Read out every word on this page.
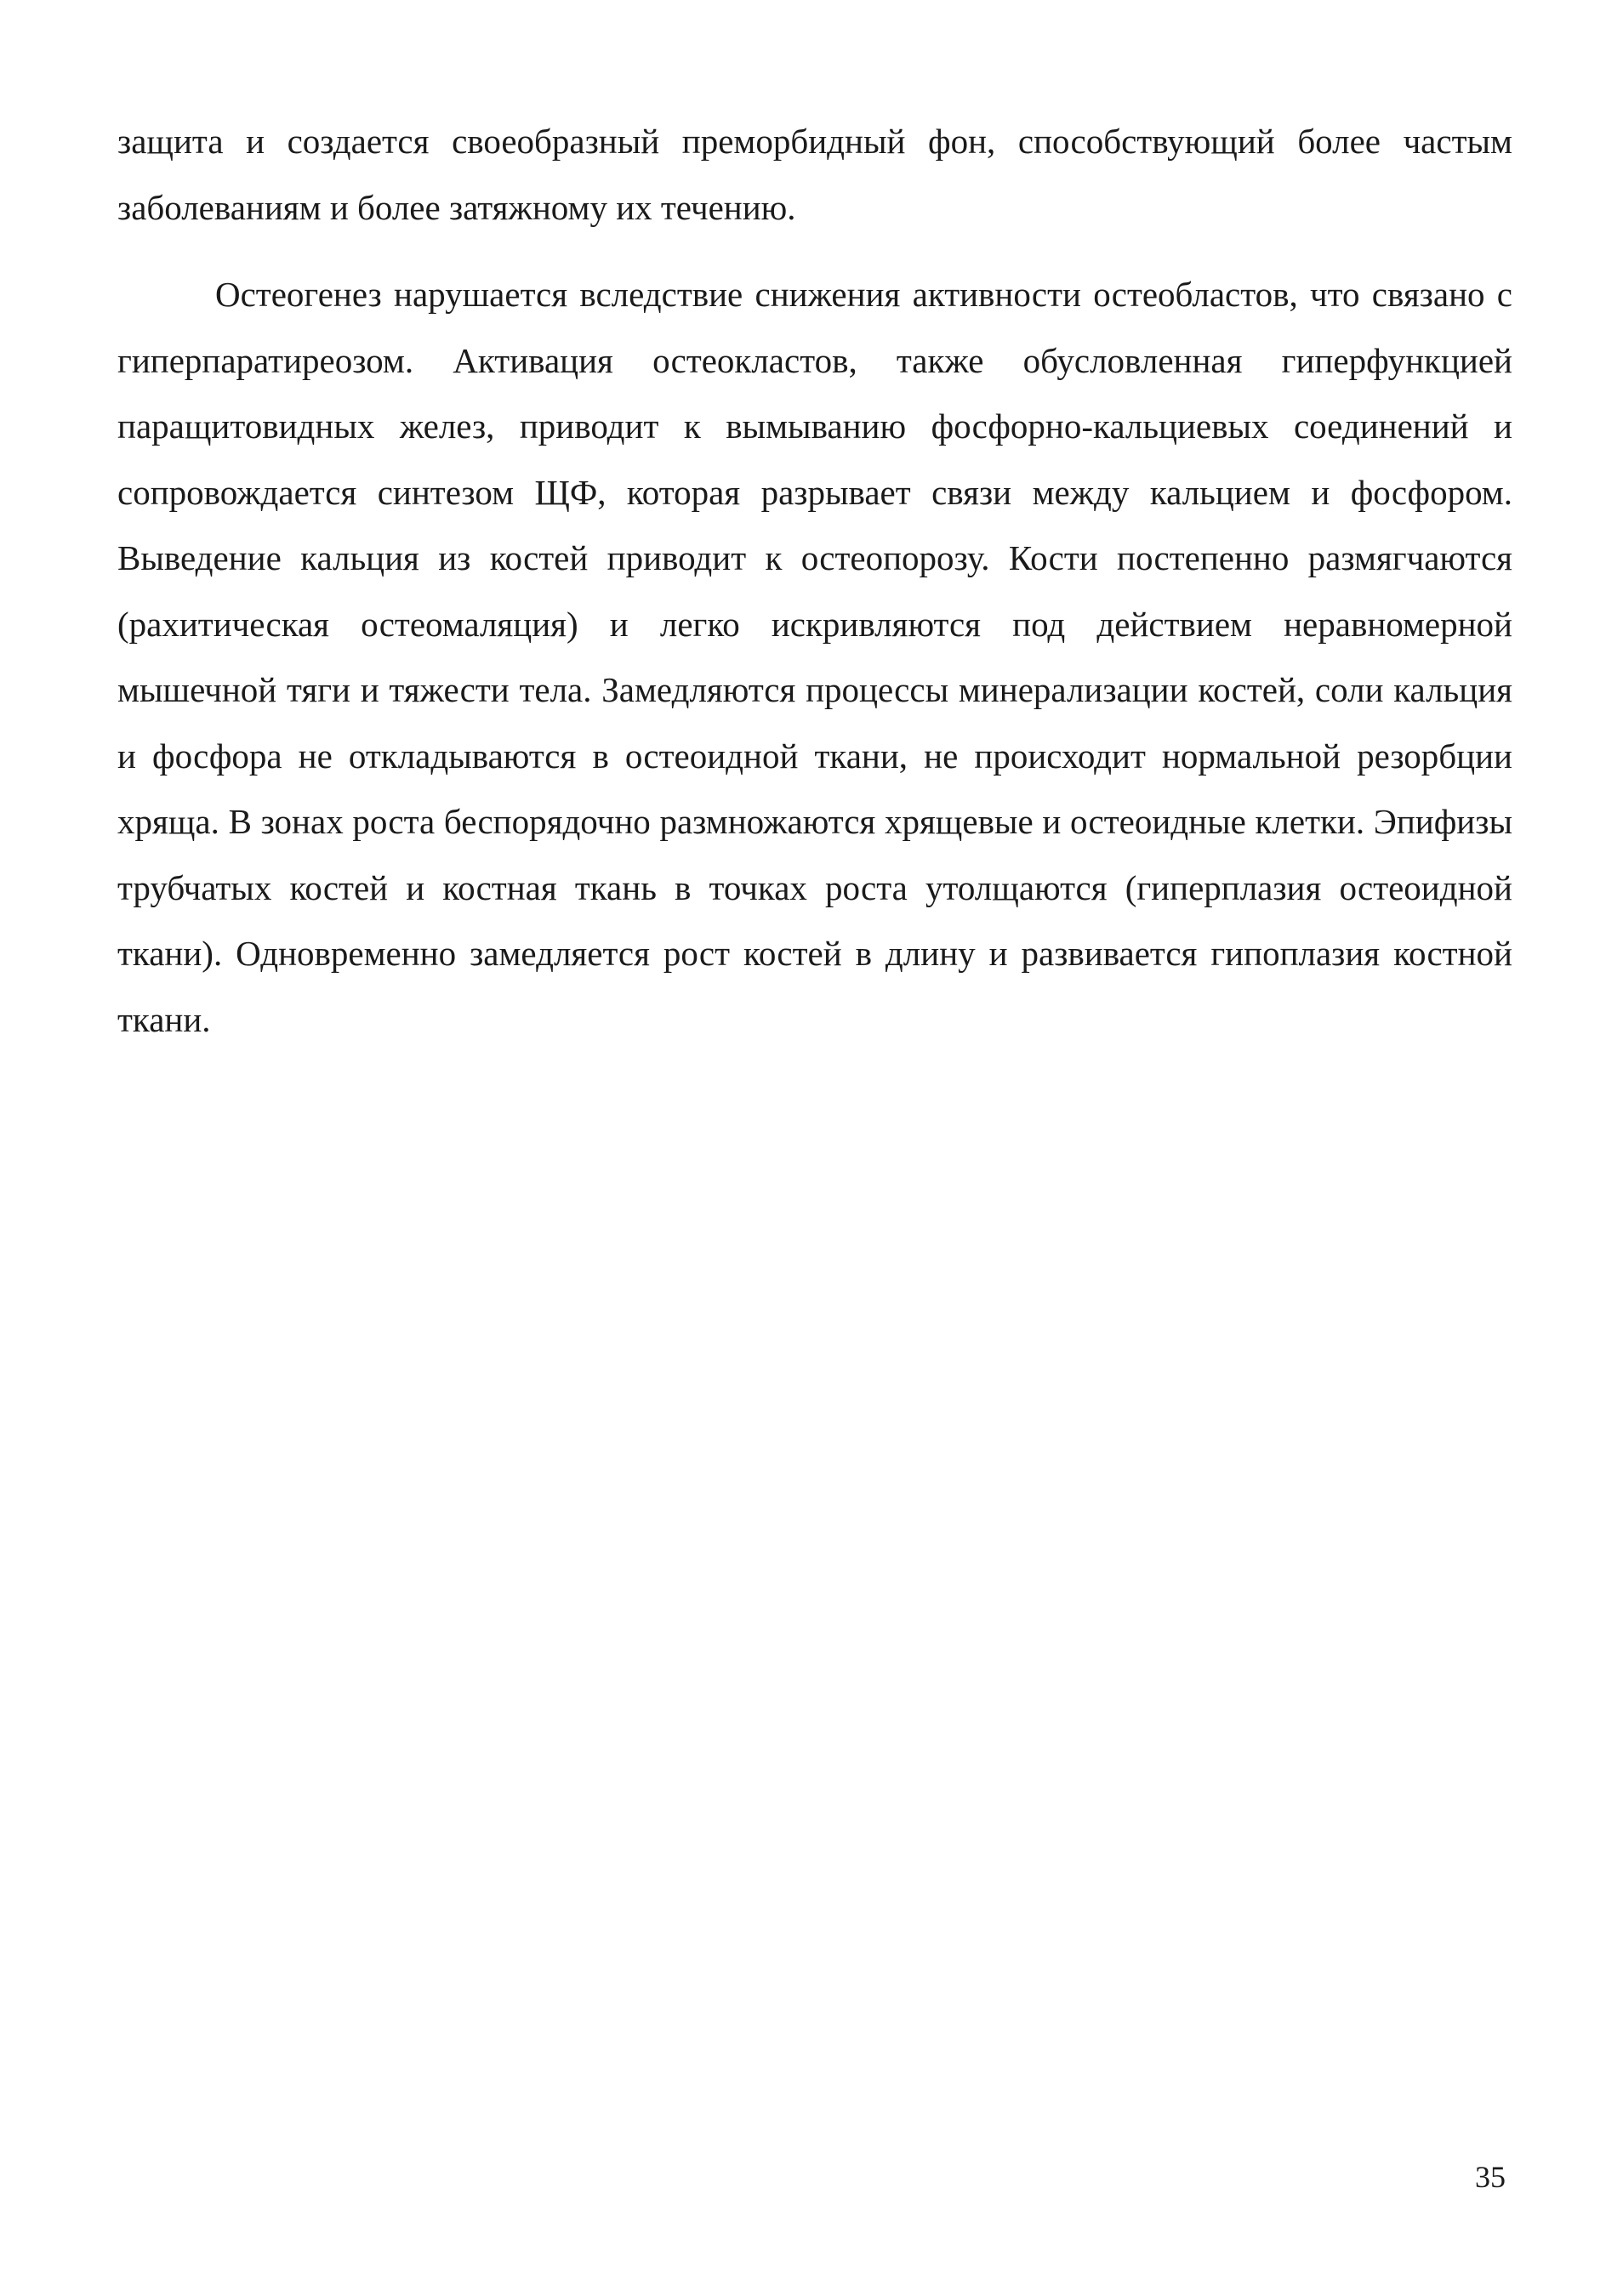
защита и создается своеобразный преморбидный фон, способствующий более частым заболеваниям и более затяжному их течению.

Остеогенез нарушается вследствие снижения активности остеобластов, что связано с гиперпаратиреозом. Активация остеокластов, также обусловленная гиперфункцией паращитовидных желез, приводит к вымыванию фосфорно-кальциевых соединений и сопровождается синтезом ЩФ, которая разрывает связи между кальцием и фосфором. Выведение кальция из костей приводит к остеопорозу. Кости постепенно размягчаются (рахитическая остеомаляция) и легко искривляются под действием неравномерной мышечной тяги и тяжести тела. Замедляются процессы минерализации костей, соли кальция и фосфора не откладываются в остеоидной ткани, не происходит нормальной резорбции хряща. В зонах роста беспорядочно размножаются хрящевые и остеоидные клетки. Эпифизы трубчатых костей и костная ткань в точках роста утолщаются (гиперплазия остеоидной ткани). Одновременно замедляется рост костей в длину и развивается гипоплазия костной ткани.

35
